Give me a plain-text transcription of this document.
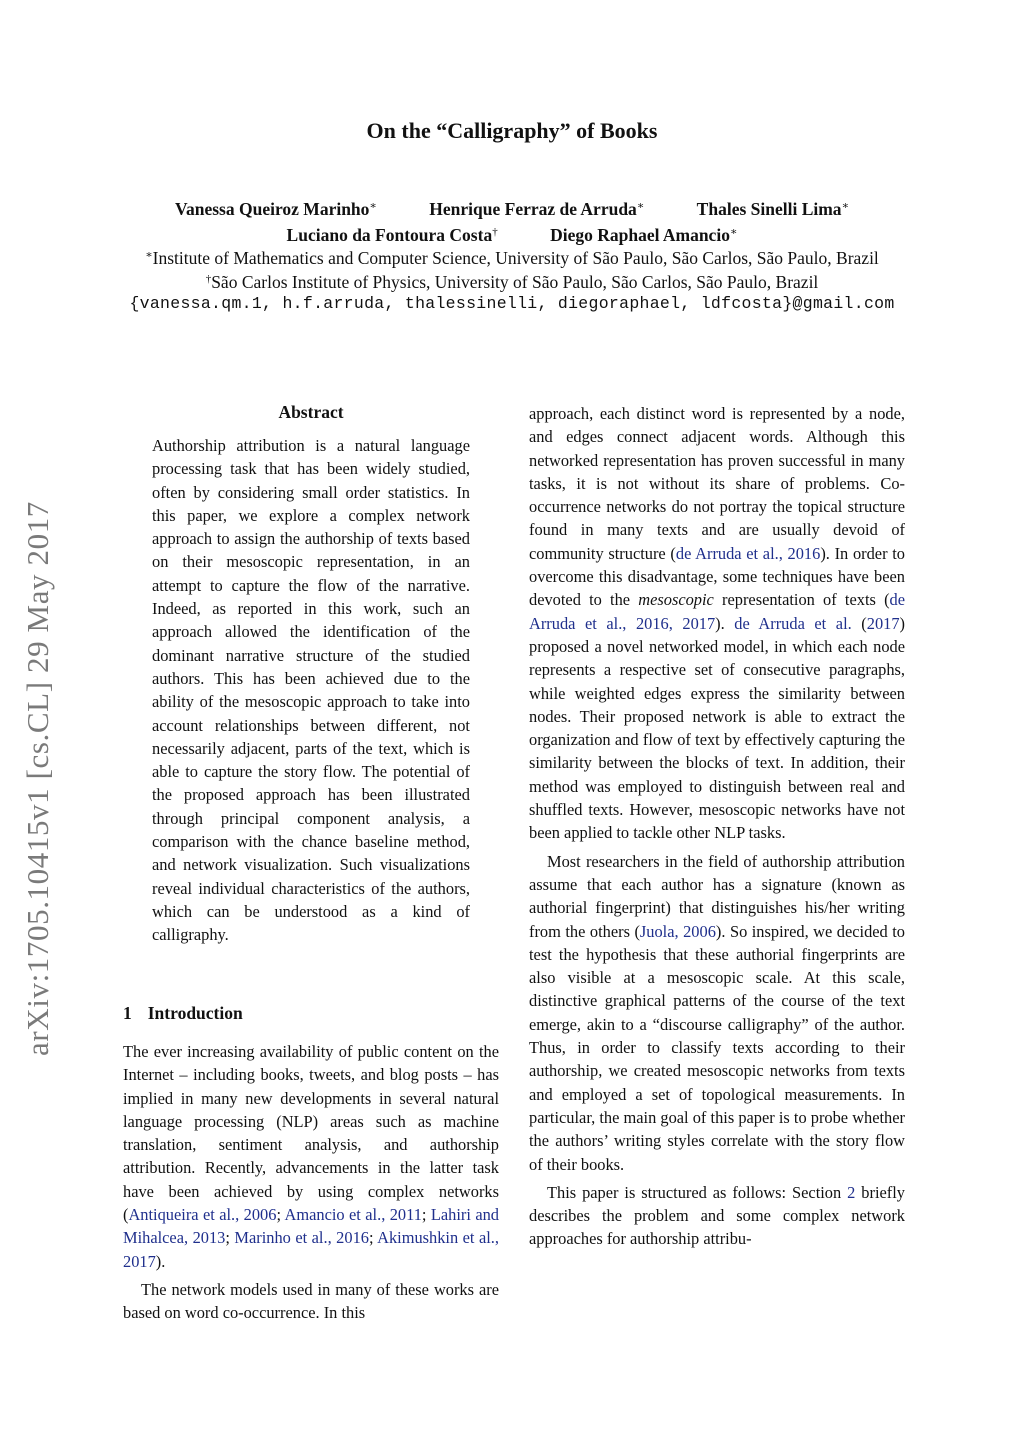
On the “Calligraphy” of Books
Vanessa Queiroz Marinho∗	Henrique Ferraz de Arruda∗	Thales Sinelli Lima∗
Luciano da Fontoura Costa†	Diego Raphael Amancio∗
∗Institute of Mathematics and Computer Science, University of São Paulo, São Carlos, São Paulo, Brazil
†São Carlos Institute of Physics, University of São Paulo, São Carlos, São Paulo, Brazil
{vanessa.qm.1, h.f.arruda, thalessinelli, diegoraphael, ldfcosta}@gmail.com
arXiv:1705.10415v1 [cs.CL] 29 May 2017
Abstract

Authorship attribution is a natural language processing task that has been widely studied, often by considering small order statistics. In this paper, we explore a complex network approach to assign the authorship of texts based on their mesoscopic representation, in an attempt to capture the flow of the narrative. Indeed, as reported in this work, such an approach allowed the identification of the dominant narrative structure of the studied authors. This has been achieved due to the ability of the mesoscopic approach to take into account relationships between different, not necessarily adjacent, parts of the text, which is able to capture the story flow. The potential of the proposed approach has been illustrated through principal component analysis, a comparison with the chance baseline method, and network visualization. Such visualizations reveal individual characteristics of the authors, which can be understood as a kind of calligraphy.

1 Introduction

The ever increasing availability of public content on the Internet – including books, tweets, and blog posts – has implied in many new developments in several natural language processing (NLP) areas such as machine translation, sentiment analysis, and authorship attribution. Recently, advancements in the latter task have been achieved by using complex networks (Antiqueira et al., 2006; Amancio et al., 2011; Lahiri and Mihalcea, 2013; Marinho et al., 2016; Akimushkin et al., 2017).

The network models used in many of these works are based on word co-occurrence. In this

approach, each distinct word is represented by a node, and edges connect adjacent words. Although this networked representation has proven successful in many tasks, it is not without its share of problems. Co-occurrence networks do not portray the topical structure found in many texts and are usually devoid of community structure (de Arruda et al., 2016). In order to overcome this disadvantage, some techniques have been devoted to the mesoscopic representation of texts (de Arruda et al., 2016, 2017). de Arruda et al. (2017) proposed a novel networked model, in which each node represents a respective set of consecutive paragraphs, while weighted edges express the similarity between nodes. Their proposed network is able to extract the organization and flow of text by effectively capturing the similarity between the blocks of text. In addition, their method was employed to distinguish between real and shuffled texts. However, mesoscopic networks have not been applied to tackle other NLP tasks.

Most researchers in the field of authorship attribution assume that each author has a signature (known as authorial fingerprint) that distinguishes his/her writing from the others (Juola, 2006). So inspired, we decided to test the hypothesis that these authorial fingerprints are also visible at a mesoscopic scale. At this scale, distinctive graphical patterns of the course of the text emerge, akin to a “discourse calligraphy” of the author. Thus, in order to classify texts according to their authorship, we created mesoscopic networks from texts and employed a set of topological measurements. In particular, the main goal of this paper is to probe whether the authors’ writing styles correlate with the story flow of their books.

This paper is structured as follows: Section 2 briefly describes the problem and some complex network approaches for authorship attribu-
